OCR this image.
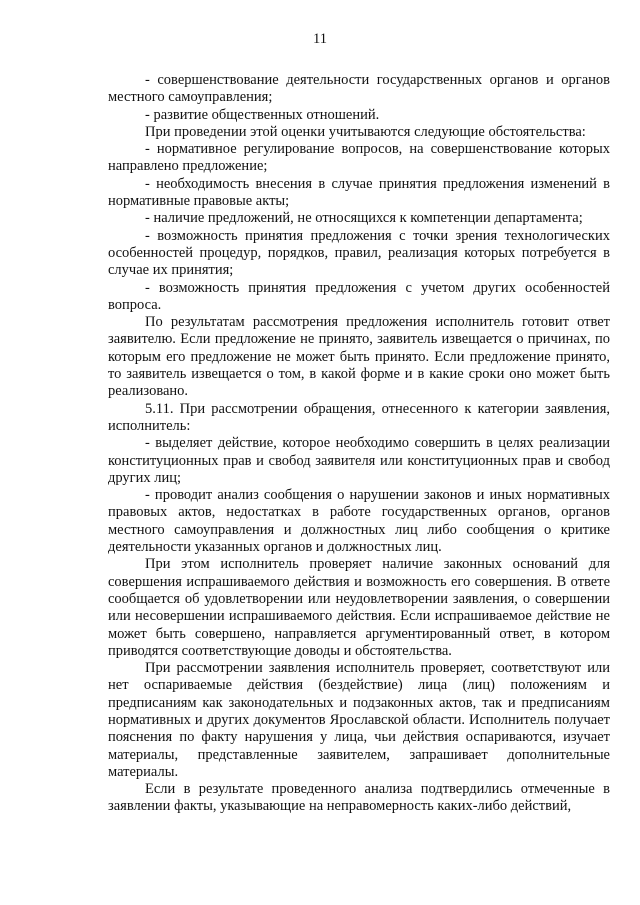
11

- совершенствование деятельности государственных органов и органов местного самоуправления;

- развитие общественных отношений.

При проведении этой оценки учитываются следующие обстоятельства:

- нормативное регулирование вопросов, на совершенствование которых направлено предложение;

- необходимость внесения в случае принятия предложения изменений в нормативные правовые акты;

- наличие предложений, не относящихся к компетенции департамента;

- возможность принятия предложения с точки зрения технологических особенностей процедур, порядков, правил, реализация которых потребуется в случае их принятия;

- возможность принятия предложения с учетом других особенностей вопроса.

По результатам рассмотрения предложения исполнитель готовит ответ заявителю. Если предложение не принято, заявитель извещается о причинах, по которым его предложение не может быть принято. Если предложение принято, то заявитель извещается о том, в какой форме и в какие сроки оно может быть реализовано.

5.11. При рассмотрении обращения, отнесенного к категории заявления, исполнитель:

- выделяет действие, которое необходимо совершить в целях реализации конституционных прав и свобод заявителя или конституционных прав и свобод других лиц;

- проводит анализ сообщения о нарушении законов и иных нормативных правовых актов, недостатках в работе государственных органов, органов местного самоуправления и должностных лиц либо сообщения о критике деятельности указанных органов и должностных лиц.

При этом исполнитель проверяет наличие законных оснований для совершения испрашиваемого действия и возможность его совершения. В ответе сообщается об удовлетворении или неудовлетворении заявления, о совершении или несовершении испрашиваемого действия. Если испрашиваемое действие не может быть совершено, направляется аргументированный ответ, в котором приводятся соответствующие доводы и обстоятельства.

При рассмотрении заявления исполнитель проверяет, соответствуют или нет оспариваемые действия (бездействие) лица (лиц) положениям и предписаниям как законодательных и подзаконных актов, так и предписаниям нормативных и других документов Ярославской области. Исполнитель получает пояснения по факту нарушения у лица, чьи действия оспариваются, изучает материалы, представленные заявителем, запрашивает дополнительные материалы.

Если в результате проведенного анализа подтвердились отмеченные в заявлении факты, указывающие на неправомерность каких-либо действий,
